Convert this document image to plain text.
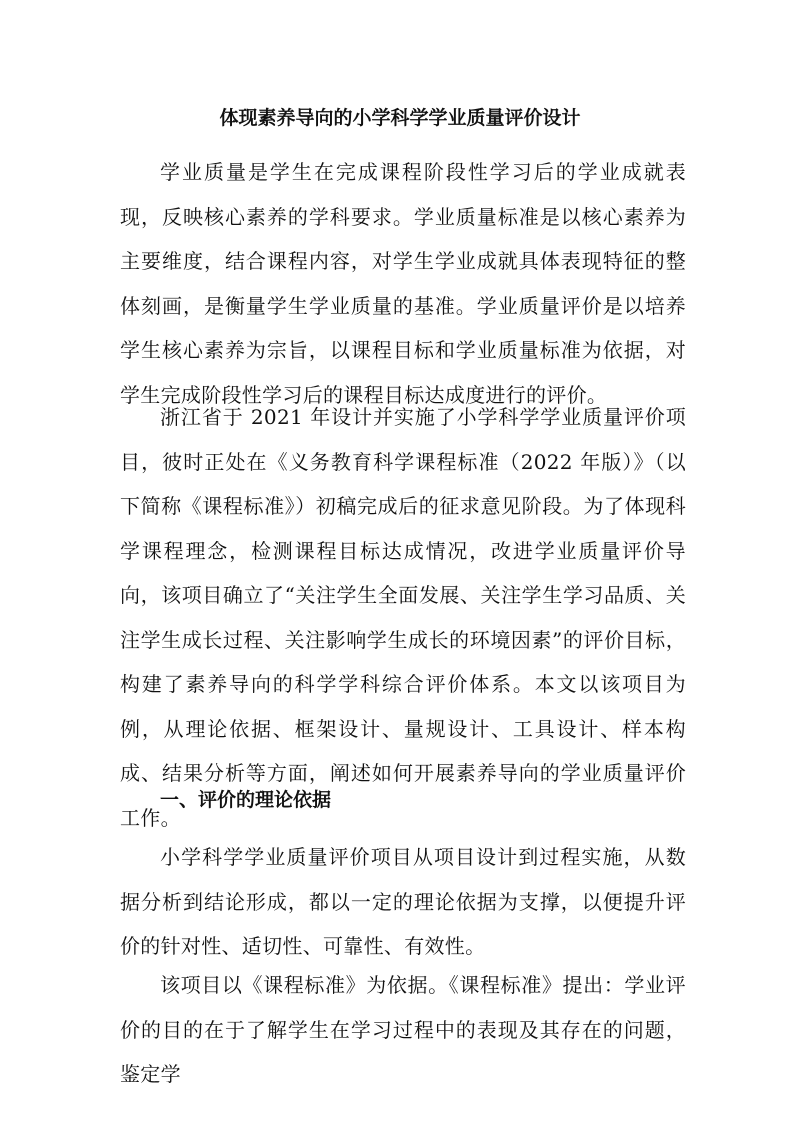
体现素养导向的小学科学学业质量评价设计

学业质量是学生在完成课程阶段性学习后的学业成就表现，反映核心素养的学科要求。学业质量标准是以核心素养为主要维度，结合课程内容，对学生学业成就具体表现特征的整体刻画，是衡量学生学业质量的基准。学业质量评价是以培养学生核心素养为宗旨，以课程目标和学业质量标准为依据，对学生完成阶段性学习后的课程目标达成度进行的评价。

浙江省于 2021 年设计并实施了小学科学学业质量评价项目，彼时正处在《义务教育科学课程标准（2022 年版）》（以下简称《课程标准》）初稿完成后的征求意见阶段。为了体现科学课程理念，检测课程目标达成情况，改进学业质量评价导向，该项目确立了“关注学生全面发展、关注学生学习品质、关注学生成长过程、关注影响学生成长的环境因素”的评价目标，构建了素养导向的科学学科综合评价体系。本文以该项目为例，从理论依据、框架设计、量规设计、工具设计、样本构成、结果分析等方面，阐述如何开展素养导向的学业质量评价工作。

一、评价的理论依据

小学科学学业质量评价项目从项目设计到过程实施，从数据分析到结论形成，都以一定的理论依据为支撑，以便提升评价的针对性、适切性、可靠性、有效性。

该项目以《课程标准》为依据。《课程标准》提出：学业评价的目的在于了解学生在学习过程中的表现及其存在的问题，鉴定学
